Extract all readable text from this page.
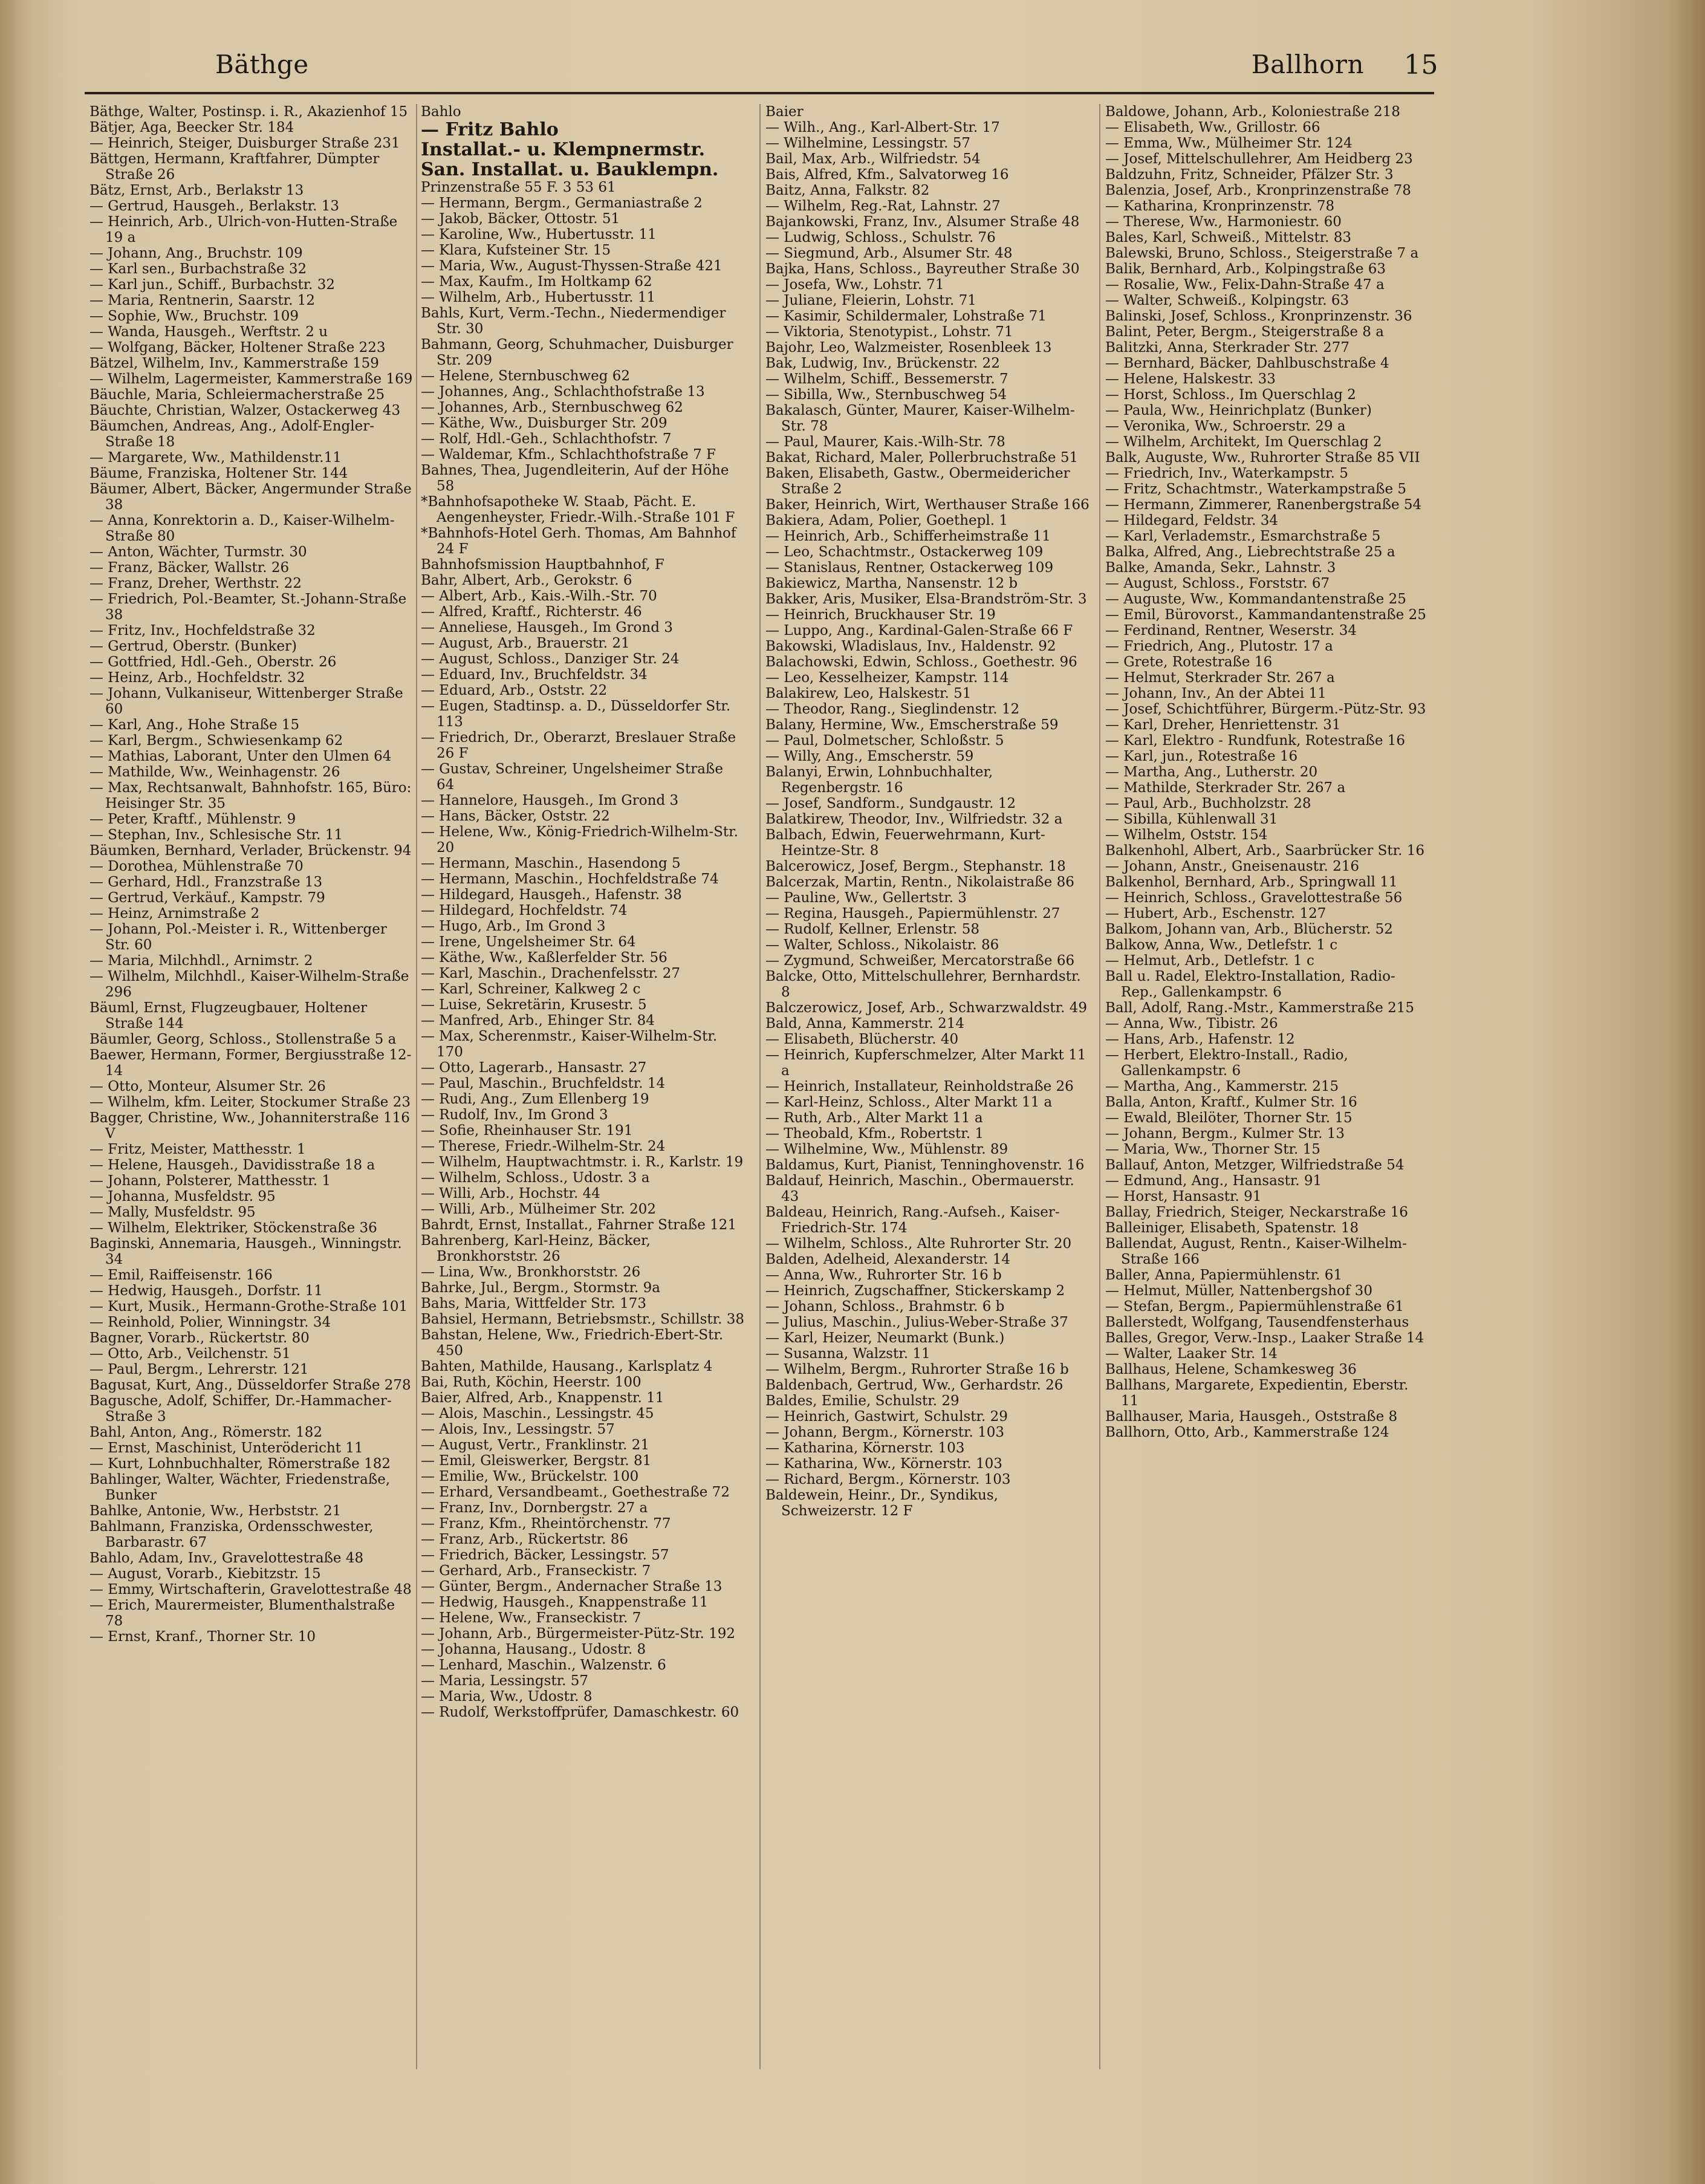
Bäthge	Ballhorn 15

Bäthge, Walter, Postinsp. i. R., Akazienhof 15

Bätjer, Aga, Beecker Str. 184

— Heinrich, Steiger, Duisburger Straße 231

Bättgen, Hermann, Kraftfahrer, Dümpter Straße 26

Bätz, Ernst, Arb., Berlakstr 13

— Gertrud, Hausgeh., Berlakstr. 13

— Heinrich, Arb., Ulrich-von-Hutten-Straße 19 a

— Johann, Ang., Bruchstr. 109

— Karl sen., Burbachstraße 32

— Karl jun., Schiff., Burbachstr. 32

— Maria, Rentnerin, Saarstr. 12

— Sophie, Ww., Bruchstr. 109

— Wanda, Hausgeh., Werftstr. 2 u

— Wolfgang, Bäcker, Holtener Straße 223

Bätzel, Wilhelm, Inv., Kammerstraße 159

— Wilhelm, Lagermeister, Kammerstraße 169

Bäuchle, Maria, Schleiermacherstraße 25

Bäuchte, Christian, Walzer, Ostackerweg 43

Bäumchen, Andreas, Ang., Adolf-Engler-Straße 18

— Margarete, Ww., Mathildenstr.11

Bäume, Franziska, Holtener Str. 144

Bäumer, Albert, Bäcker, Angermunder Straße 38

— Anna, Konrektorin a. D., Kaiser-Wilhelm-Straße 80

— Anton, Wächter, Turmstr. 30

— Franz, Bäcker, Wallstr. 26

— Franz, Dreher, Werthstr. 22

— Friedrich, Pol.-Beamter, St.-Johann-Straße 38

— Fritz, Inv., Hochfeldstraße 32

— Gertrud, Oberstr. (Bunker)

— Gottfried, Hdl.-Geh., Oberstr. 26

— Heinz, Arb., Hochfeldstr. 32

— Johann, Vulkaniseur, Wittenberger Straße 60

— Karl, Ang., Hohe Straße 15

— Karl, Bergm., Schwiesenkamp 62

— Mathias, Laborant, Unter den Ulmen 64

— Mathilde, Ww., Weinhagenstr. 26

— Max, Rechtsanwalt, Bahnhofstr. 165, Büro: Heisinger Str. 35

— Peter, Kraftf., Mühlenstr. 9

— Stephan, Inv., Schlesische Str. 11

Bäumken, Bernhard, Verlader, Brückenstr. 94

— Dorothea, Mühlenstraße 70

— Gerhard, Hdl., Franzstraße 13

— Gertrud, Verkäuf., Kampstr. 79

— Heinz, Arnimstraße 2

— Johann, Pol.-Meister i. R., Wittenberger Str. 60

— Maria, Milchhdl., Arnimstr. 2

— Wilhelm, Milchhdl., Kaiser-Wilhelm-Straße 296

Bäuml, Ernst, Flugzeugbauer, Holtener Straße 144

Bäumler, Georg, Schloss., Stollenstraße 5 a

Baewer, Hermann, Former, Bergiusstraße 12-14

— Otto, Monteur, Alsumer Str. 26

— Wilhelm, kfm. Leiter, Stockumer Straße 23

Bagger, Christine, Ww., Johanniterstraße 116 V

— Fritz, Meister, Matthesstr. 1

— Helene, Hausgeh., Davidisstraße 18 a

— Johann, Polsterer, Matthesstr. 1

— Johanna, Musfeldstr. 95

— Mally, Musfeldstr. 95

— Wilhelm, Elektriker, Stöckenstraße 36

Baginski, Annemaria, Hausgeh., Winningstr. 34

— Emil, Raiffeisenstr. 166

— Hedwig, Hausgeh., Dorfstr. 11

— Kurt, Musik., Hermann-Grothe-Straße 101

— Reinhold, Polier, Winningstr. 34

Bagner, Vorarb., Rückertstr. 80

— Otto, Arb., Veilchenstr. 51

— Paul, Bergm., Lehrerstr. 121

Bagusat, Kurt, Ang., Düsseldorfer Straße 278

Bagusche, Adolf, Schiffer, Dr.-Hammacher-Straße 3

Bahl, Anton, Ang., Römerstr. 182

— Ernst, Maschinist, Unterödericht 11

— Kurt, Lohnbuchhalter, Römerstraße 182

Bahlinger, Walter, Wächter, Friedenstraße, Bunker

Bahlke, Antonie, Ww., Herbststr. 21

Bahlmann, Franziska, Ordensschwester, Barbarastr. 67

Bahlo, Adam, Inv., Gravelottestraße 48

— August, Vorarb., Kiebitzstr. 15

— Emmy, Wirtschafterin, Gravelottestraße 48

— Erich, Maurermeister, Blumenthalstraße 78

— Ernst, Kranf., Thorner Str. 10

Bahlo

— Fritz Bahlo

Installat.- u. Klempnermstr.

San. Installat. u. Bauklempn.

Prinzenstraße 55 F. 3 53 61

— Hermann, Bergm., Germaniastraße 2

— Jakob, Bäcker, Ottostr. 51

— Karoline, Ww., Hubertusstr. 11

— Klara, Kufsteiner Str. 15

— Maria, Ww., August-Thyssen-Straße 421

— Max, Kaufm., Im Holtkamp 62

— Wilhelm, Arb., Hubertusstr. 11

Bahls, Kurt, Verm.-Techn., Niedermendiger Str. 30

Bahmann, Georg, Schuhmacher, Duisburger Str. 209

— Helene, Sternbuschweg 62

— Johannes, Ang., Schlachthofstraße 13

— Johannes, Arb., Sternbuschweg 62

— Käthe, Ww., Duisburger Str. 209

— Rolf, Hdl.-Geh., Schlachthofstr. 7

— Waldemar, Kfm., Schlachthofstraße 7 F

Bahnes, Thea, Jugendleiterin, Auf der Höhe 58

*Bahnhofsapotheke W. Staab, Pächt. E. Aengenheyster, Friedr.-Wilh.-Straße 101 F

*Bahnhofs-Hotel Gerh. Thomas, Am Bahnhof 24 F

Bahnhofsmission Hauptbahnhof, F

Bahr, Albert, Arb., Gerokstr. 6

— Albert, Arb., Kais.-Wilh.-Str. 70

— Alfred, Kraftf., Richterstr. 46

— Anneliese, Hausgeh., Im Grond 3

— August, Arb., Brauerstr. 21

— August, Schloss., Danziger Str. 24

— Eduard, Inv., Bruchfeldstr. 34

— Eduard, Arb., Oststr. 22

— Eugen, Stadtinsp. a. D., Düsseldorfer Str. 113

— Friedrich, Dr., Oberarzt, Breslauer Straße 26 F

— Gustav, Schreiner, Ungelsheimer Straße 64

— Hannelore, Hausgeh., Im Grond 3

— Hans, Bäcker, Oststr. 22

— Helene, Ww., König-Friedrich-Wilhelm-Str. 20

— Hermann, Maschin., Hasendong 5

— Hermann, Maschin., Hochfeldstraße 74

— Hildegard, Hausgeh., Hafenstr. 38

— Hildegard, Hochfeldstr. 74

— Hugo, Arb., Im Grond 3

— Irene, Ungelsheimer Str. 64

— Käthe, Ww., Kaßlerfelder Str. 56

— Karl, Maschin., Drachenfelsstr. 27

— Karl, Schreiner, Kalkweg 2 c

— Luise, Sekretärin, Krusestr. 5

— Manfred, Arb., Ehinger Str. 84

— Max, Scherenmstr., Kaiser-Wilhelm-Str. 170

— Otto, Lagerarb., Hansastr. 27

— Paul, Maschin., Bruchfeldstr. 14

— Rudi, Ang., Zum Ellenberg 19

— Rudolf, Inv., Im Grond 3

— Sofie, Rheinhauser Str. 191

— Therese, Friedr.-Wilhelm-Str. 24

— Wilhelm, Hauptwachtmstr. i. R., Karlstr. 19

— Wilhelm, Schloss., Udostr. 3 a

— Willi, Arb., Hochstr. 44

— Willi, Arb., Mülheimer Str. 202

Bahrdt, Ernst, Installat., Fahrner Straße 121

Bahrenberg, Karl-Heinz, Bäcker, Bronkhorststr. 26

— Lina, Ww., Bronkhorststr. 26

Bahrke, Jul., Bergm., Stormstr. 9a

Bahs, Maria, Wittfelder Str. 173

Bahsiel, Hermann, Betriebsmstr., Schillstr. 38

Bahstan, Helene, Ww., Friedrich-Ebert-Str. 450

Bahten, Mathilde, Hausang., Karlsplatz 4

Bai, Ruth, Köchin, Heerstr. 100

Baier, Alfred, Arb., Knappenstr. 11

— Alois, Maschin., Lessingstr. 45

— Alois, Inv., Lessingstr. 57

— August, Vertr., Franklinstr. 21

— Emil, Gleiswerker, Bergstr. 81

— Emilie, Ww., Brückelstr. 100

— Erhard, Versandbeamt., Goethestraße 72

— Franz, Inv., Dornbergstr. 27 a

— Franz, Kfm., Rheintörchenstr. 77

— Franz, Arb., Rückertstr. 86

— Friedrich, Bäcker, Lessingstr. 57

— Gerhard, Arb., Franseckistr. 7

— Günter, Bergm., Andernacher Straße 13

— Hedwig, Hausgeh., Knappenstraße 11

— Helene, Ww., Franseckistr. 7

— Johann, Arb., Bürgermeister-Pütz-Str. 192

— Johanna, Hausang., Udostr. 8

— Lenhard, Maschin., Walzenstr. 6

— Maria, Lessingstr. 57

— Maria, Ww., Udostr. 8

— Rudolf, Werkstoffprüfer, Damaschkestr. 60

Baier

— Wilh., Ang., Karl-Albert-Str. 17

— Wilhelmine, Lessingstr. 57

Bail, Max, Arb., Wilfriedstr. 54

Bais, Alfred, Kfm., Salvatorweg 16

Baitz, Anna, Falkstr. 82

— Wilhelm, Reg.-Rat, Lahnstr. 27

Bajankowski, Franz, Inv., Alsumer Straße 48

— Ludwig, Schloss., Schulstr. 76

— Siegmund, Arb., Alsumer Str. 48

Bajka, Hans, Schloss., Bayreuther Straße 30

— Josefa, Ww., Lohstr. 71

— Juliane, Fleierin, Lohstr. 71

— Kasimir, Schildermaler, Lohstraße 71

— Viktoria, Stenotypist., Lohstr. 71

Bajohr, Leo, Walzmeister, Rosenbleek 13

Bak, Ludwig, Inv., Brückenstr. 22

— Wilhelm, Schiff., Bessemerstr. 7

— Sibilla, Ww., Sternbuschweg 54

Bakalasch, Günter, Maurer, Kaiser-Wilhelm-Str. 78

— Paul, Maurer, Kais.-Wilh-Str. 78

Bakat, Richard, Maler, Pollerbruchstraße 51

Baken, Elisabeth, Gastw., Obermeidericher Straße 2

Baker, Heinrich, Wirt, Werthauser Straße 166

Bakiera, Adam, Polier, Goethepl. 1

— Heinrich, Arb., Schifferheimstraße 11

— Leo, Schachtmstr., Ostackerweg 109

— Stanislaus, Rentner, Ostackerweg 109

Bakiewicz, Martha, Nansenstr. 12 b

Bakker, Aris, Musiker, Elsa-Brandström-Str. 3

— Heinrich, Bruckhauser Str. 19

— Luppo, Ang., Kardinal-Galen-Straße 66 F

Bakowski, Wladislaus, Inv., Haldenstr. 92

Balachowski, Edwin, Schloss., Goethestr. 96

— Leo, Kesselheizer, Kampstr. 114

Balakirew, Leo, Halskestr. 51

— Theodor, Rang., Sieglindenstr. 12

Balany, Hermine, Ww., Emscherstraße 59

— Paul, Dolmetscher, Schloßstr. 5

— Willy, Ang., Emscherstr. 59

Balanyi, Erwin, Lohnbuchhalter, Regenbergstr. 16

— Josef, Sandform., Sundgaustr. 12

Balatkirew, Theodor, Inv., Wilfriedstr. 32 a

Balbach, Edwin, Feuerwehrmann, Kurt-Heintze-Str. 8

Balcerowicz, Josef, Bergm., Stephanstr. 18

Balcerzak, Martin, Rentn., Nikolaistraße 86

— Pauline, Ww., Gellertstr. 3

— Regina, Hausgeh., Papiermühlenstr. 27

— Rudolf, Kellner, Erlenstr. 58

— Walter, Schloss., Nikolaistr. 86

— Zygmund, Schweißer, Mercatorstraße 66

Balcke, Otto, Mittelschullehrer, Bernhardstr. 8

Balczerowicz, Josef, Arb., Schwarzwaldstr. 49

Bald, Anna, Kammerstr. 214

— Elisabeth, Blücherstr. 40

— Heinrich, Kupferschmelzer, Alter Markt 11 a

— Heinrich, Installateur, Reinholdstraße 26

— Karl-Heinz, Schloss., Alter Markt 11 a

— Ruth, Arb., Alter Markt 11 a

— Theobald, Kfm., Robertstr. 1

— Wilhelmine, Ww., Mühlenstr. 89

Baldamus, Kurt, Pianist, Tenninghovenstr. 16

Baldauf, Heinrich, Maschin., Obermauerstr. 43

Baldeau, Heinrich, Rang.-Aufseh., Kaiser-Friedrich-Str. 174

— Wilhelm, Schloss., Alte Ruhrorter Str. 20

Balden, Adelheid, Alexanderstr. 14

— Anna, Ww., Ruhrorter Str. 16 b

— Heinrich, Zugschaffner, Stickerskamp 2

— Johann, Schloss., Brahmstr. 6 b

— Julius, Maschin., Julius-Weber-Straße 37

— Karl, Heizer, Neumarkt (Bunk.)

— Susanna, Walzstr. 11

— Wilhelm, Bergm., Ruhrorter Straße 16 b

Baldenbach, Gertrud, Ww., Gerhardstr. 26

Baldes, Emilie, Schulstr. 29

— Heinrich, Gastwirt, Schulstr. 29

— Johann, Bergm., Körnerstr. 103

— Katharina, Körnerstr. 103

— Katharina, Ww., Körnerstr. 103

— Richard, Bergm., Körnerstr. 103

Baldewein, Heinr., Dr., Syndikus, Schweizerstr. 12 F

Baldowe, Johann, Arb., Koloniestraße 218

— Elisabeth, Ww., Grillostr. 66

— Emma, Ww., Mülheimer Str. 124

— Josef, Mittelschullehrer, Am Heidberg 23

Baldzuhn, Fritz, Schneider, Pfälzer Str. 3

Balenzia, Josef, Arb., Kronprinzenstraße 78

— Katharina, Kronprinzenstr. 78

— Therese, Ww., Harmoniestr. 60

Bales, Karl, Schweiß., Mittelstr. 83

Balewski, Bruno, Schloss., Steigerstraße 7 a

Balik, Bernhard, Arb., Kolpingstraße 63

— Rosalie, Ww., Felix-Dahn-Straße 47 a

— Walter, Schweiß., Kolpingstr. 63

Balinski, Josef, Schloss., Kronprinzenstr. 36

Balint, Peter, Bergm., Steigerstraße 8 a

Balitzki, Anna, Sterkrader Str. 277

— Bernhard, Bäcker, Dahlbuschstraße 4

— Helene, Halskestr. 33

— Horst, Schloss., Im Querschlag 2

— Paula, Ww., Heinrichplatz (Bunker)

— Veronika, Ww., Schroerstr. 29 a

— Wilhelm, Architekt, Im Querschlag 2

Balk, Auguste, Ww., Ruhrorter Straße 85 VII

— Friedrich, Inv., Waterkampstr. 5

— Fritz, Schachtmstr., Waterkampstraße 5

— Hermann, Zimmerer, Ranenbergstraße 54

— Hildegard, Feldstr. 34

— Karl, Verlademstr., Esmarchstraße 5

Balka, Alfred, Ang., Liebrechtstraße 25 a

Balke, Amanda, Sekr., Lahnstr. 3

— August, Schloss., Forststr. 67

— Auguste, Ww., Kommandantenstraße 25

— Emil, Bürovorst., Kammandantenstraße 25

— Ferdinand, Rentner, Weserstr. 34

— Friedrich, Ang., Plutostr. 17 a

— Grete, Rotestraße 16

— Helmut, Sterkrader Str. 267 a

— Johann, Inv., An der Abtei 11

— Josef, Schichtführer, Bürgerm.-Pütz-Str. 93

— Karl, Dreher, Henriettenstr. 31

— Karl, Elektro - Rundfunk, Rotestraße 16

— Karl, jun., Rotestraße 16

— Martha, Ang., Lutherstr. 20

— Mathilde, Sterkrader Str. 267 a

— Paul, Arb., Buchholzstr. 28

— Sibilla, Kühlenwall 31

— Wilhelm, Oststr. 154

Balkenhohl, Albert, Arb., Saarbrücker Str. 16

— Johann, Anstr., Gneisenaustr. 216

Balkenhol, Bernhard, Arb., Springwall 11

— Heinrich, Schloss., Gravelottestraße 56

— Hubert, Arb., Eschenstr. 127

Balkom, Johann van, Arb., Blücherstr. 52

Balkow, Anna, Ww., Detlefstr. 1 c

— Helmut, Arb., Detlefstr. 1 c

Ball u. Radel, Elektro-Installation, Radio-Rep., Gallenkampstr. 6

Ball, Adolf, Rang.-Mstr., Kammerstraße 215

— Anna, Ww., Tibistr. 26

— Hans, Arb., Hafenstr. 12

— Herbert, Elektro-Install., Radio, Gallenkampstr. 6

— Martha, Ang., Kammerstr. 215

Balla, Anton, Kraftf., Kulmer Str. 16

— Ewald, Bleilöter, Thorner Str. 15

— Johann, Bergm., Kulmer Str. 13

— Maria, Ww., Thorner Str. 15

Ballauf, Anton, Metzger, Wilfriedstraße 54

— Edmund, Ang., Hansastr. 91

— Horst, Hansastr. 91

Ballay, Friedrich, Steiger, Neckarstraße 16

Balleiniger, Elisabeth, Spatenstr. 18

Ballendat, August, Rentn., Kaiser-Wilhelm-Straße 166

Baller, Anna, Papiermühlenstr. 61

— Helmut, Müller, Nattenbergshof 30

— Stefan, Bergm., Papiermühlenstraße 61

Ballerstedt, Wolfgang, Tausendfensterhaus

Balles, Gregor, Verw.-Insp., Laaker Straße 14

— Walter, Laaker Str. 14

Ballhaus, Helene, Schamkesweg 36

Ballhans, Margarete, Expedientin, Eberstr. 11

Ballhauser, Maria, Hausgeh., Oststraße 8

Ballhorn, Otto, Arb., Kammerstraße 124
